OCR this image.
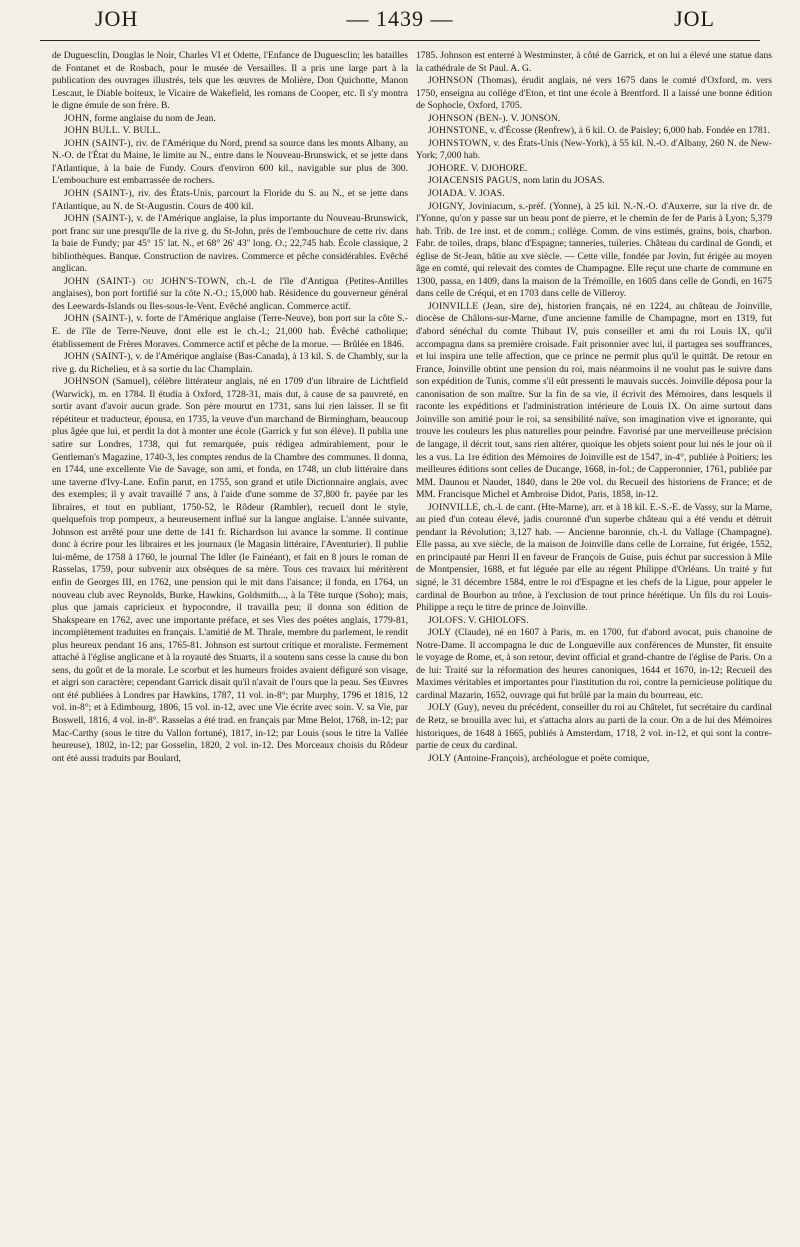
JOH	— 1439 —	JOL

de Duguesclin, Douglas le Noir, Charles VI et Odette, l'Enfance de Duguesclin; les batailles de Fontanet et de Rosbach, pour le musée de Versailles. Il a pris une large part à la publication des ouvrages illustrés, tels que les œuvres de Molière, Don Quichotte, Manon Lescaut, le Diable boiteux, le Vicaire de Wakefield, les romans de Cooper, etc. Il s'y montra le digne émule de son frère. B.

JOHN, forme anglaise du nom de Jean.

JOHN BULL. V. BULL.

JOHN (SAINT-), riv. de l'Amérique du Nord, prend sa source dans les monts Albany, au N.-O. de l'État du Maine, le limite au N., entre dans le Nouveau-Brunswick, et se jette dans l'Atlantique, à la baie de Fundy. Cours d'environ 600 kil., navigable sur plus de 300. L'embouchure est embarrassée de rochers.

JOHN (SAINT-), riv. des États-Unis, parcourt la Floride du S. au N., et se jette dans l'Atlantique, au N. de St-Augustin. Cours de 400 kil.

JOHN (SAINT-), v. de l'Amérique anglaise, la plus importante du Nouveau-Brunswick, port franc sur une presqu'île de la rive g. du St-John, près de l'embouchure de cette riv. dans la baie de Fundy; par 45° 15' lat. N., et 68° 26' 43'' long. O.; 22,745 hab. École classique, 2 bibliothèques. Banque. Construction de navires. Commerce et pêche considérables. Evêché anglican.

JOHN (SAINT-) ou JOHN'S-TOWN, ch.-l. de l'île d'Antigua (Petites-Antilles anglaises), bon port fortifié sur la côte N.-O.; 15,000 hab. Résidence du gouverneur général des Leewards-Islands ou Iles-sous-le-Vent. Evêché anglican. Commerce actif.

JOHN (SAINT-), v. forte de l'Amérique anglaise (Terre-Neuve), bon port sur la côte S.-E. de l'île de Terre-Neuve, dont elle est le ch.-l.; 21,000 hab. Évêché catholique; établissement de Frères Moraves. Commerce actif et pêche de la morue. — Brûlée en 1846.

JOHN (SAINT-), v. de l'Amérique anglaise (Bas-Canada), à 13 kil. S. de Chambly, sur la rive g. du Richelieu, et à sa sortie du lac Champlain.

JOHNSON (Samuel), célèbre littérateur anglais, né en 1709 d'un libraire de Lichtfield (Warwick), m. en 1784. Il étudia à Oxford, 1728-31, mais dut, à cause de sa pauvreté, en sortir avant d'avoir aucun grade. Son père mourut en 1731, sans lui rien laisser. Il se fit répétiteur et traducteur, épousa, en 1735, la veuve d'un marchand de Birmingham, beaucoup plus âgée que lui, et perdit la dot à monter une école (Garrick y fut son élève). Il publia une satire sur Londres, 1738, qui fut remarquée, puis rédigea admirablement, pour le Gentleman's Magazine, 1740-3, les comptes rendus de la Chambre des communes. Il donna, en 1744, une excellente Vie de Savage, son ami, et fonda, en 1748, un club littéraire dans une taverne d'Ivy-Lane. Enfin parut, en 1755, son grand et utile Dictionnaire anglais, avec des exemples; il y avait travaillé 7 ans, à l'aide d'une somme de 37,800 fr. payée par les libraires, et tout en publiant, 1750-52, le Rôdeur (Rambler), recueil dont le style, quelquefois trop pompeux, a heureusement influé sur la langue anglaise. L'année suivante, Johnson est arrêté pour une dette de 141 fr. Richardson lui avance la somme. Il continue donc à écrire pour les libraires et les journaux (le Magasin littéraire, l'Aventurier). Il publie lui-même, de 1758 à 1760, le journal The Idler (le Fainéant), et fait en 8 jours le roman de Rasselas, 1759, pour subvenir aux obsèques de sa mère. Tous ces travaux lui méritèrent enfin de Georges III, en 1762, une pension qui le mit dans l'aisance; il fonda, en 1764, un nouveau club avec Reynolds, Burke, Hawkins, Goldsmith..., à la Tête turque (Soho); mais, plus que jamais capricieux et hypocondre, il travailla peu; il donna son édition de Shakspeare en 1762, avec une importante préface, et ses Vies des poëtes anglais, 1779-81, incomplètement traduites en français. L'amitié de M. Thrale, membre du parlement, le rendit plus heureux pendant 16 ans, 1765-81. Johnson est surtout critique et moraliste. Fermement attaché à l'église anglicane et à la royauté des Stuarts, il a soutenu sans cesse la cause du bon sens, du goût et de la morale. Le scorbut et les humeurs froides avaient défiguré son visage, et aigri son caractère; cependant Garrick disait qu'il n'avait de l'ours que la peau. Ses Œuvres ont été publiées à Londres par Hawkins, 1787, 11 vol. in-8°; par Murphy, 1796 et 1816, 12 vol. in-8°; et à Edimbourg, 1806, 15 vol. in-12, avec une Vie écrite avec soin. V. sa Vie, par Boswell, 1816, 4 vol. in-8°. Rasselas a été trad. en français par Mme Belot, 1768, in-12; par Mac-Carthy (sous le titre du Vallon fortuné), 1817, in-12; par Louis (sous le titre la Vallée heureuse), 1802, in-12; par Gosselin, 1820, 2 vol. in-12. Des Morceaux choisis du Rôdeur ont été aussi traduits par Boulard,

1785. Johnson est enterré à Westminster, à côté de Garrick, et on lui a élevé une statue dans la cathédrale de St Paul. A. G.

JOHNSON (Thomas), érudit anglais, né vers 1675 dans le comté d'Oxford, m. vers 1750, enseigna au collège d'Eton, et tint une école à Brentford. Il a laissé une bonne édition de Sophocle, Oxford, 1705.

JOHNSON (BEN-). V. JONSON.

JOHNSTONE, v. d'Écosse (Renfrew), à 6 kil. O. de Paisley; 6,000 hab. Fondée en 1781.

JOHNSTOWN, v. des États-Unis (New-York), à 55 kil. N.-O. d'Albany, 260 N. de New-York; 7,000 hab.

JOHORE. V. DJOHORE.

JOIACENSIS PAGUS, nom latin du JOSAS.

JOIADA. V. JOAS.

JOIGNY, Joviniacum, s.-préf. (Yonne), à 25 kil. N.-N.-O. d'Auxerre, sur la rive dr. de l'Yonne, qu'on y passe sur un beau pont de pierre, et le chemin de fer de Paris à Lyon; 5,379 hab. Trib. de 1re inst. et de comm.; collège. Comm. de vins estimés, grains, bois, charbon. Fabr. de toiles, draps, blanc d'Espagne; tanneries, tuileries. Château du cardinal de Gondi, et église de St-Jean, bâtie au xve siècle. — Cette ville, fondée par Jovin, fut érigée au moyen âge en comté, qui relevait des comtes de Champagne. Elle reçut une charte de commune en 1300, passa, en 1409, dans la maison de la Trémoïlle, en 1605 dans celle de Gondi, en 1675 dans celle de Créqui, et en 1703 dans celle de Villeroy.

JOINVILLE (Jean, sire de), historien français, né en 1224, au château de Joinville, diocèse de Châlons-sur-Marne, d'une ancienne famille de Champagne, mort en 1319, fut d'abord sénéchal du comte Thibaut IV, puis conseiller et ami du roi Louis IX, qu'il accompagna dans sa première croisade. Fait prisonnier avec lui, il partagea ses souffrances, et lui inspira une telle affection, que ce prince ne permit plus qu'il le quittât. De retour en France, Joinville obtint une pension du roi, mais néanmoins il ne voulut pas le suivre dans son expédition de Tunis, comme s'il eût pressenti le mauvais succès. Joinville déposa pour la canonisation de son maître. Sur la fin de sa vie, il écrivit des Mémoires, dans lesquels il raconte les expéditions et l'administration intérieure de Louis IX. On aime surtout dans Joinville son amitié pour le roi, sa sensibilité naïve, son imagination vive et ignorante, qui trouve les couleurs les plus naturelles pour peindre. Favorisé par une merveilleuse précision de langage, il décrit tout, sans rien altérer, quoique les objets soient pour lui nés le jour où il les a vus. La 1re édition des Mémoires de Joinville est de 1547, in-4°, publiée à Poitiers; les meilleures éditions sont celles de Ducange, 1668, in-fol.; de Capperonnier, 1761, publiée par MM. Daunou et Naudet, 1840, dans le 20e vol. du Recueil des historiens de France; et de MM. Francisque Michel et Ambroise Didot, Paris, 1858, in-12.

JOINVILLE, ch.-l. de cant. (Hte-Marne), arr. et à 18 kil. E.-S.-E. de Vassy, sur la Marne, au pied d'un coteau élevé, jadis couronné d'un superbe château qui a été vendu et détruit pendant la Révolution; 3,127 hab. — Ancienne baronnie, ch.-l. du Vallage (Champagne). Elle passa, au xve siècle, de la maison de Joinville dans celle de Lorraine, fut érigée, 1552, en principauté par Henri II en faveur de François de Guise, puis échut par succession à Mlle de Montpensier, 1688, et fut léguée par elle au régent Philippe d'Orléans. Un traité y fut signé, le 31 décembre 1584, entre le roi d'Espagne et les chefs de la Ligue, pour appeler le cardinal de Bourbon au trône, à l'exclusion de tout prince hérétique. Un fils du roi Louis-Philippe a reçu le titre de prince de Joinville.

JOLOFS. V. GHIOLOFS.

JOLY (Claude), né en 1607 à Paris, m. en 1700, fut d'abord avocat, puis chanoine de Notre-Dame. Il accompagna le duc de Longueville aux conférences de Munster, fit ensuite le voyage de Rome, et, à son retour, devint official et grand-chantre de l'église de Paris. On a de lui: Traité sur la réformation des heures canoniques, 1644 et 1670, in-12; Recueil des Maximes véritables et importantes pour l'institution du roi, contre la pernicieuse politique du cardinal Mazarin, 1652, ouvrage qui fut brûlé par la main du bourreau, etc.

JOLY (Guy), neveu du précédent, conseiller du roi au Châtelet, fut secrétaire du cardinal de Retz, se brouilla avec lui, et s'attacha alors au parti de la cour. On a de lui des Mémoires historiques, de 1648 à 1665, publiés à Amsterdam, 1718, 2 vol. in-12, et qui sont la contre-partie de ceux du cardinal.

JOLY (Antoine-François), archéologue et poëte comique,
